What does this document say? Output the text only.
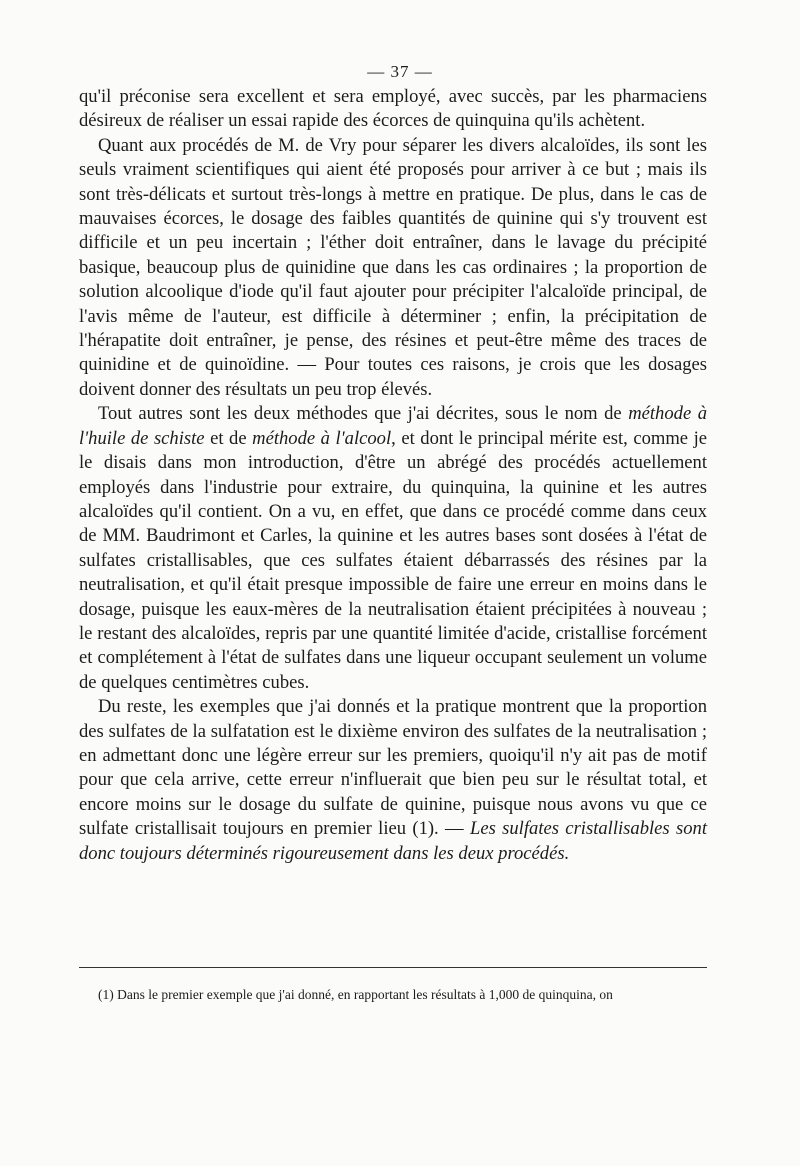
— 37 —

qu'il préconise sera excellent et sera employé, avec succès, par les pharmaciens désireux de réaliser un essai rapide des écorces de quinquina qu'ils achètent.

Quant aux procédés de M. de Vry pour séparer les divers alcaloïdes, ils sont les seuls vraiment scientifiques qui aient été proposés pour arriver à ce but ; mais ils sont très-délicats et surtout très-longs à mettre en pratique. De plus, dans le cas de mauvaises écorces, le dosage des faibles quantités de quinine qui s'y trouvent est difficile et un peu incertain ; l'éther doit entraîner, dans le lavage du précipité basique, beaucoup plus de quinidine que dans les cas ordinaires ; la proportion de solution alcoolique d'iode qu'il faut ajouter pour précipiter l'alcaloïde principal, de l'avis même de l'auteur, est difficile à déterminer ; enfin, la précipitation de l'hérapatite doit entraîner, je pense, des résines et peut-être même des traces de quinidine et de quinoïdine. — Pour toutes ces raisons, je crois que les dosages doivent donner des résultats un peu trop élevés.

Tout autres sont les deux méthodes que j'ai décrites, sous le nom de méthode à l'huile de schiste et de méthode à l'alcool, et dont le principal mérite est, comme je le disais dans mon introduction, d'être un abrégé des procédés actuellement employés dans l'industrie pour extraire, du quinquina, la quinine et les autres alcaloïdes qu'il contient. On a vu, en effet, que dans ce procédé comme dans ceux de MM. Baudrimont et Carles, la quinine et les autres bases sont dosées à l'état de sulfates cristallisables, que ces sulfates étaient débarrassés des résines par la neutralisation, et qu'il était presque impossible de faire une erreur en moins dans le dosage, puisque les eaux-mères de la neutralisation étaient précipitées à nouveau ; le restant des alcaloïdes, repris par une quantité limitée d'acide, cristallise forcément et complétement à l'état de sulfates dans une liqueur occupant seulement un volume de quelques centimètres cubes.

Du reste, les exemples que j'ai donnés et la pratique montrent que la proportion des sulfates de la sulfatation est le dixième environ des sulfates de la neutralisation ; en admettant donc une légère erreur sur les premiers, quoiqu'il n'y ait pas de motif pour que cela arrive, cette erreur n'influerait que bien peu sur le résultat total, et encore moins sur le dosage du sulfate de quinine, puisque nous avons vu que ce sulfate cristallisait toujours en premier lieu (1). — Les sulfates cristallisables sont donc toujours déterminés rigoureusement dans les deux procédés.

(1) Dans le premier exemple que j'ai donné, en rapportant les résultats à 1,000 de quinquina, on
